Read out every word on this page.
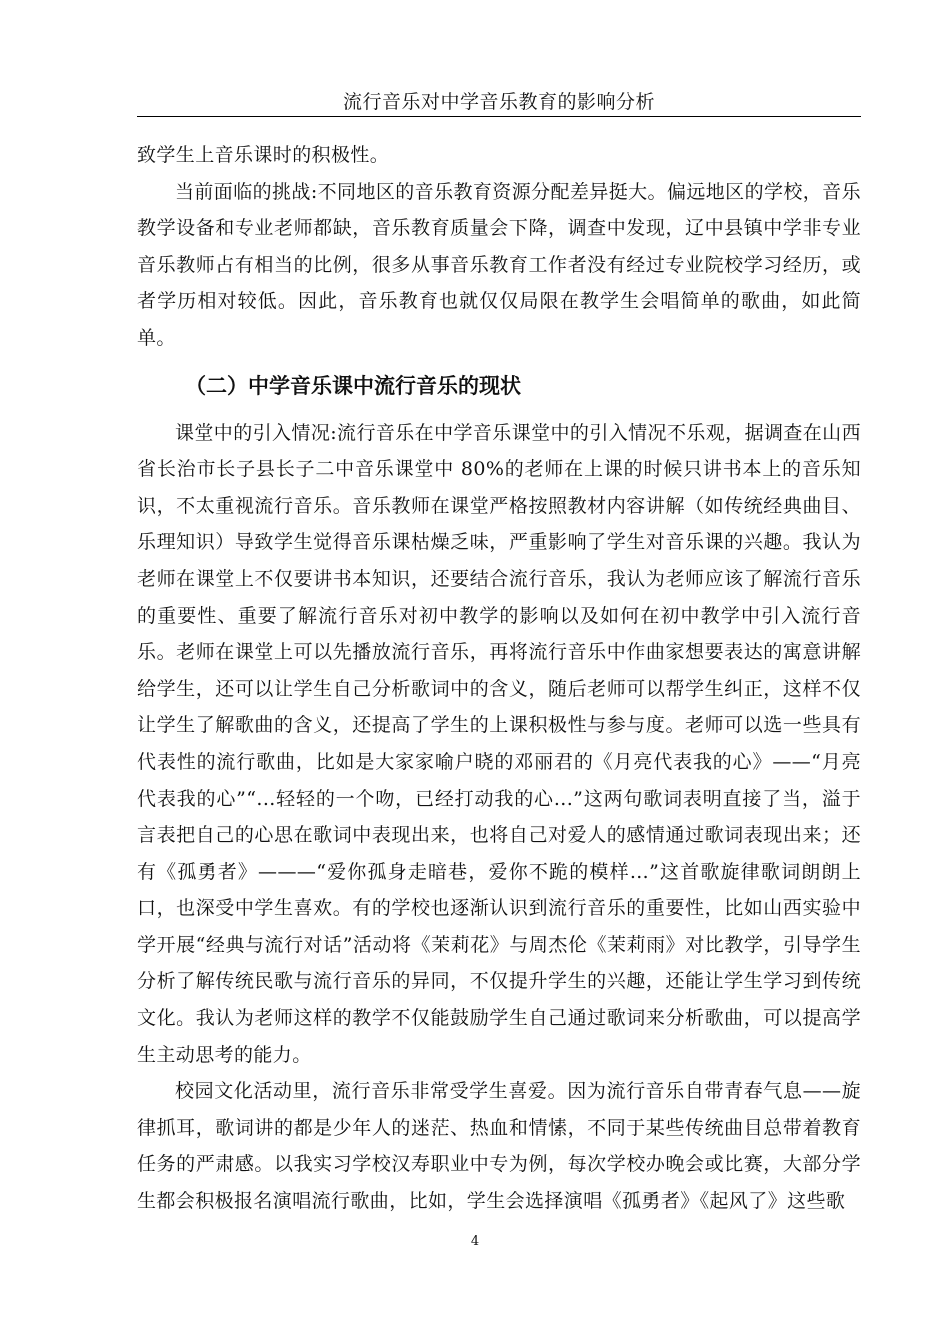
流行音乐对中学音乐教育的影响分析

致学生上音乐课时的积极性。

当前面临的挑战:不同地区的音乐教育资源分配差异挺大。偏远地区的学校，音乐教学设备和专业老师都缺，音乐教育质量会下降，调查中发现，辽中县镇中学非专业音乐教师占有相当的比例，很多从事音乐教育工作者没有经过专业院校学习经历，或者学历相对较低。因此，音乐教育也就仅仅局限在教学生会唱简单的歌曲，如此简单。

（二）中学音乐课中流行音乐的现状

课堂中的引入情况:流行音乐在中学音乐课堂中的引入情况不乐观，据调查在山西省长治市长子县长子二中音乐课堂中 80%的老师在上课的时候只讲书本上的音乐知识，不太重视流行音乐。音乐教师在课堂严格按照教材内容讲解（如传统经典曲目、乐理知识）导致学生觉得音乐课枯燥乏味，严重影响了学生对音乐课的兴趣。我认为老师在课堂上不仅要讲书本知识，还要结合流行音乐，我认为老师应该了解流行音乐的重要性、重要了解流行音乐对初中教学的影响以及如何在初中教学中引入流行音乐。老师在课堂上可以先播放流行音乐，再将流行音乐中作曲家想要表达的寓意讲解给学生，还可以让学生自己分析歌词中的含义，随后老师可以帮学生纠正，这样不仅让学生了解歌曲的含义，还提高了学生的上课积极性与参与度。老师可以选一些具有代表性的流行歌曲，比如是大家家喻户晓的邓丽君的《月亮代表我的心》——“月亮代表我的心”“...轻轻的一个吻，已经打动我的心...”这两句歌词表明直接了当，溢于言表把自己的心思在歌词中表现出来，也将自己对爱人的感情通过歌词表现出来；还有《孤勇者》———“爱你孤身走暗巷，爱你不跪的模样…”这首歌旋律歌词朗朗上口，也深受中学生喜欢。有的学校也逐渐认识到流行音乐的重要性，比如山西实验中学开展“经典与流行对话”活动将《茉莉花》与周杰伦《茉莉雨》对比教学，引导学生分析了解传统民歌与流行音乐的异同，不仅提升学生的兴趣，还能让学生学习到传统文化。我认为老师这样的教学不仅能鼓励学生自己通过歌词来分析歌曲，可以提高学生主动思考的能力。

校园文化活动里，流行音乐非常受学生喜爱。因为流行音乐自带青春气息——旋律抓耳，歌词讲的都是少年人的迷茫、热血和情愫，不同于某些传统曲目总带着教育任务的严肃感。以我实习学校汉寿职业中专为例，每次学校办晚会或比赛，大部分学生都会积极报名演唱流行歌曲，比如，学生会选择演唱《孤勇者》《起风了》这些歌

4
